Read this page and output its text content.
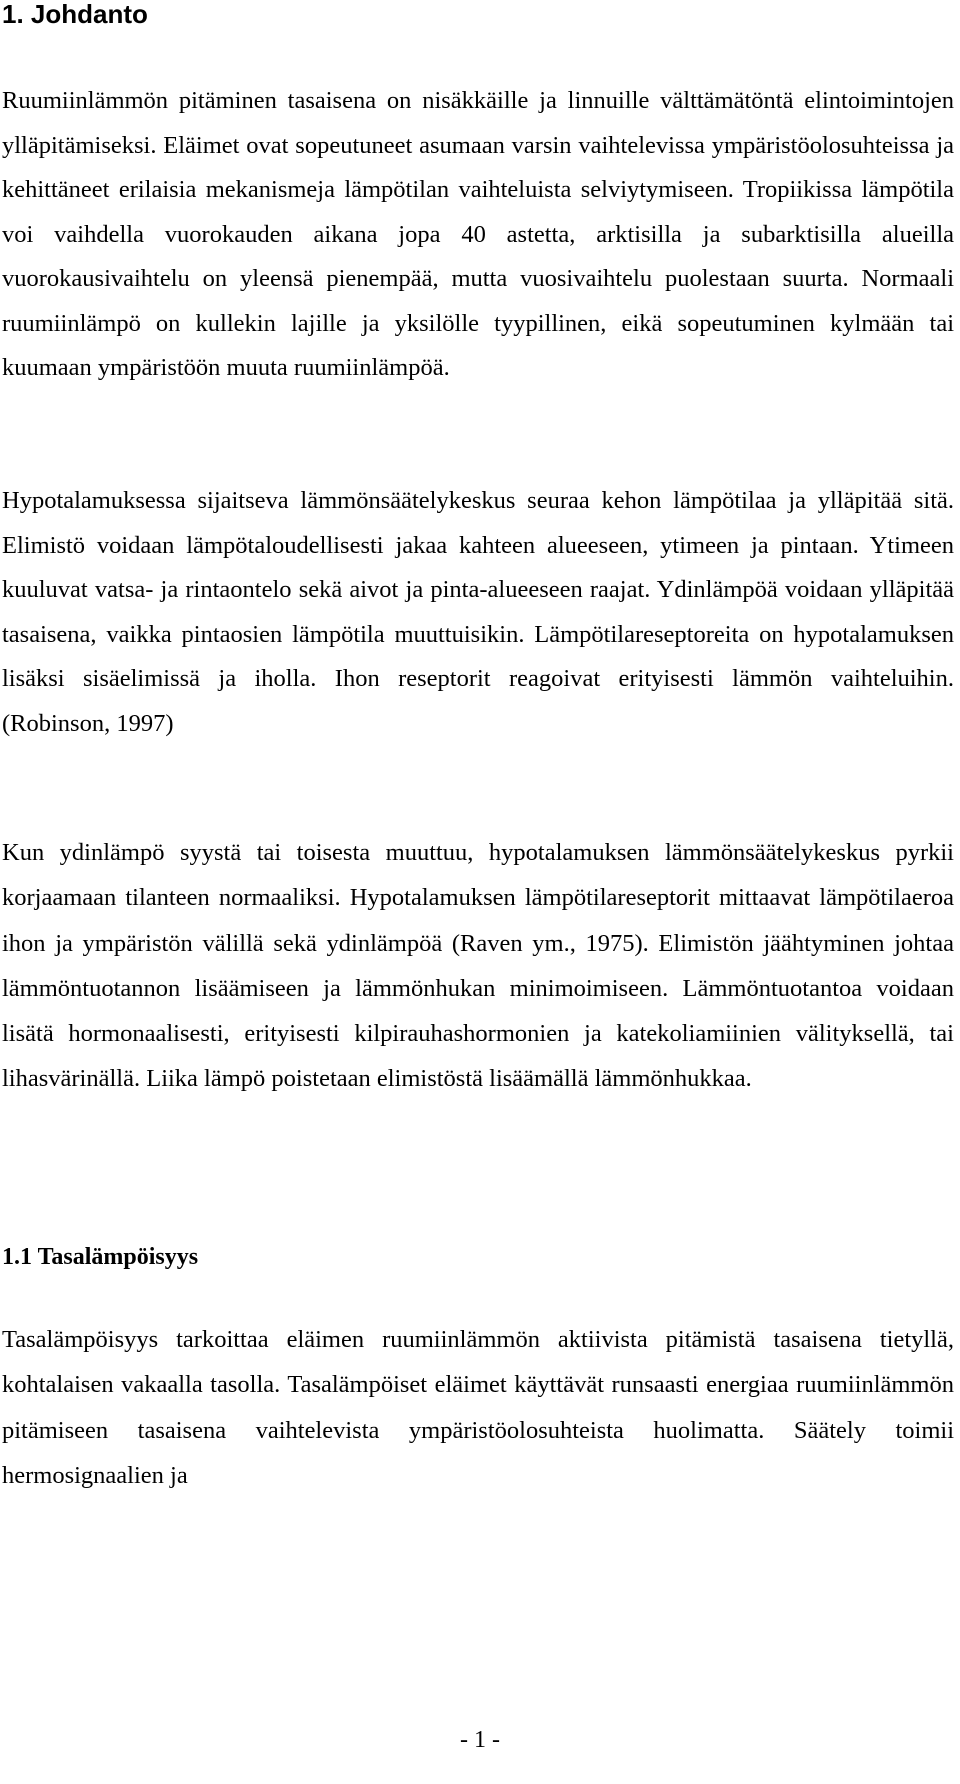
1. Johdanto

Ruumiinlämmön pitäminen tasaisena on nisäkkäille ja linnuille välttämätöntä elintoimintojen ylläpitämiseksi. Eläimet ovat sopeutuneet asumaan varsin vaihtelevissa ympäristöolosuhteissa ja kehittäneet erilaisia mekanismeja lämpötilan vaihteluista selviytymiseen. Tropiikissa lämpötila voi vaihdella vuorokauden aikana jopa 40 astetta, arktisilla ja subarktisilla alueilla vuorokausivaihtelu on yleensä pienempää, mutta vuosivaihtelu puolestaan suurta. Normaali ruumiinlämpö on kullekin lajille ja yksilölle tyypillinen, eikä sopeutuminen kylmään tai kuumaan ympäristöön muuta ruumiinlämpöä.

Hypotalamuksessa sijaitseva lämmönsäätelykeskus seuraa kehon lämpötilaa ja ylläpitää sitä. Elimistö voidaan lämpötaloudellisesti jakaa kahteen alueeseen, ytimeen ja pintaan. Ytimeen kuuluvat vatsa- ja rintaontelo sekä aivot ja pinta-alueeseen raajat. Ydinlämpöä voidaan ylläpitää tasaisena, vaikka pintaosien lämpötila muuttuisikin. Lämpötilareseptoreita on hypotalamuksen lisäksi sisäelimissä ja iholla. Ihon reseptorit reagoivat erityisesti lämmön vaihteluihin. (Robinson, 1997)

Kun ydinlämpö syystä tai toisesta muuttuu, hypotalamuksen lämmönsäätelykeskus pyrkii korjaamaan tilanteen normaaliksi. Hypotalamuksen lämpötilareseptorit mittaavat lämpötilaeroa ihon ja ympäristön välillä sekä ydinlämpöä (Raven ym., 1975). Elimistön jäähtyminen johtaa lämmöntuotannon lisäämiseen ja lämmönhukan minimoimiseen. Lämmöntuotantoa voidaan lisätä hormonaalisesti, erityisesti kilpirauhashormonien ja katekoliamiinien välityksellä, tai lihasvärinällä. Liika lämpö poistetaan elimistöstä lisäämällä lämmönhukkaa.

1.1 Tasalämpöisyys

Tasalämpöisyys tarkoittaa eläimen ruumiinlämmön aktiivista pitämistä tasaisena tietyllä, kohtalaisen vakaalla tasolla. Tasalämpöiset eläimet käyttävät runsaasti energiaa ruumiinlämmön pitämiseen tasaisena vaihtelevista ympäristöolosuhteista huolimatta. Säätely toimii hermosignaalien ja

- 1 -
